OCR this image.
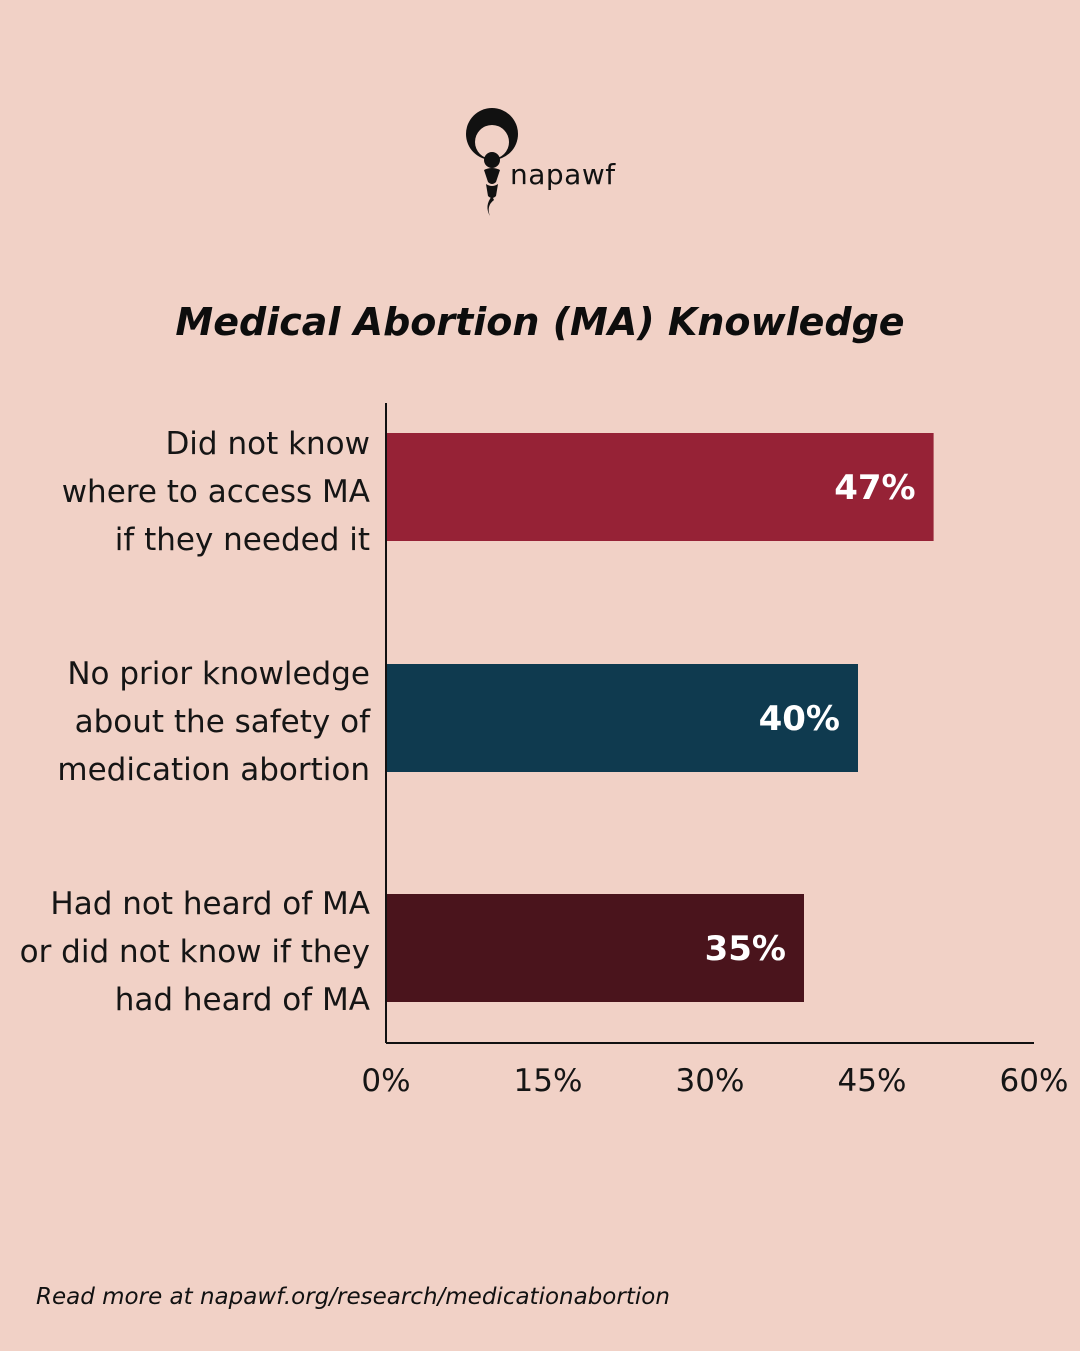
napawf
Medical Abortion (MA) Knowledge
Did not know
where to access MA
if they needed it
No prior knowledge
about the safety of
medication abortion
Had not heard of MA
or did not know if they
had heard of MA
47%
40%
35%
0%	15%	30%	45%	60%
Read more at napawf.org/research/medicationabortion
